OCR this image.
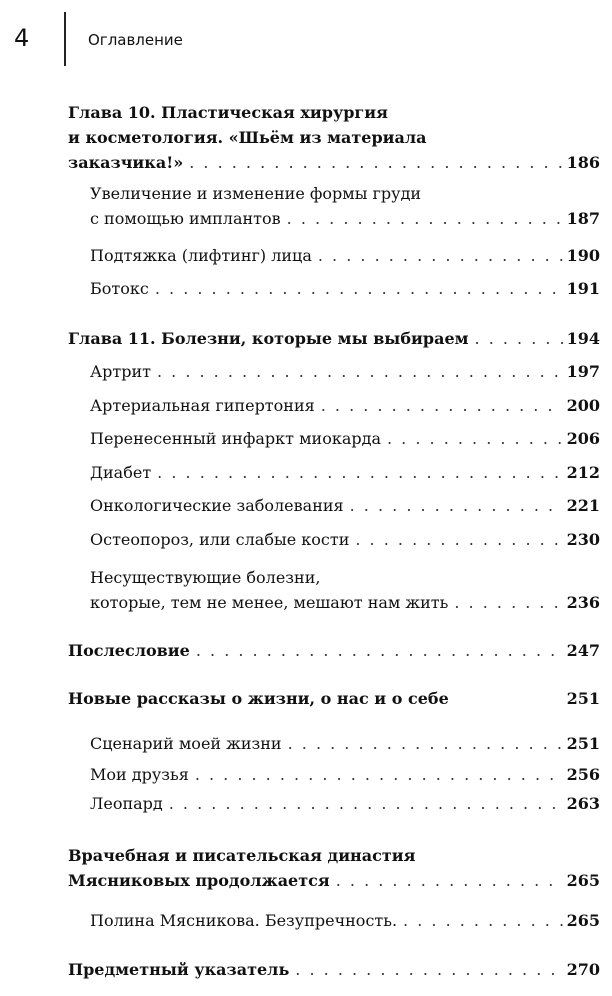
4	Оглавление
Глава 10. Пластическая хирургия
и косметология. «Шьём из материала
заказчика!» . . .	186
Увеличение и изменение формы груди
с помощью имплантов . . .	187
Подтяжка (лифтинг) лица . . .	190
Ботокс . . .	191
Глава 11. Болезни, которые мы выбираем . . .	194
Артрит . . .	197
Артериальная гипертония . . .	200
Перенесенный инфаркт миокарда . . .	206
Диабет . . .	212
Онкологические заболевания . . .	221
Остеопороз, или слабые кости . . .	230
Несуществующие болезни,
которые, тем не менее, мешают нам жить . . .	236
Послесловие . . .	247
Новые рассказы о жизни, о нас и о себе	251
Сценарий моей жизни . . .	251
Мои друзья . . .	256
Леопард . . .	263
Врачебная и писательская династия
Мясниковых продолжается . . .	265
Полина Мясникова. Безупречность. . . .	265
Предметный указатель . . .	270
